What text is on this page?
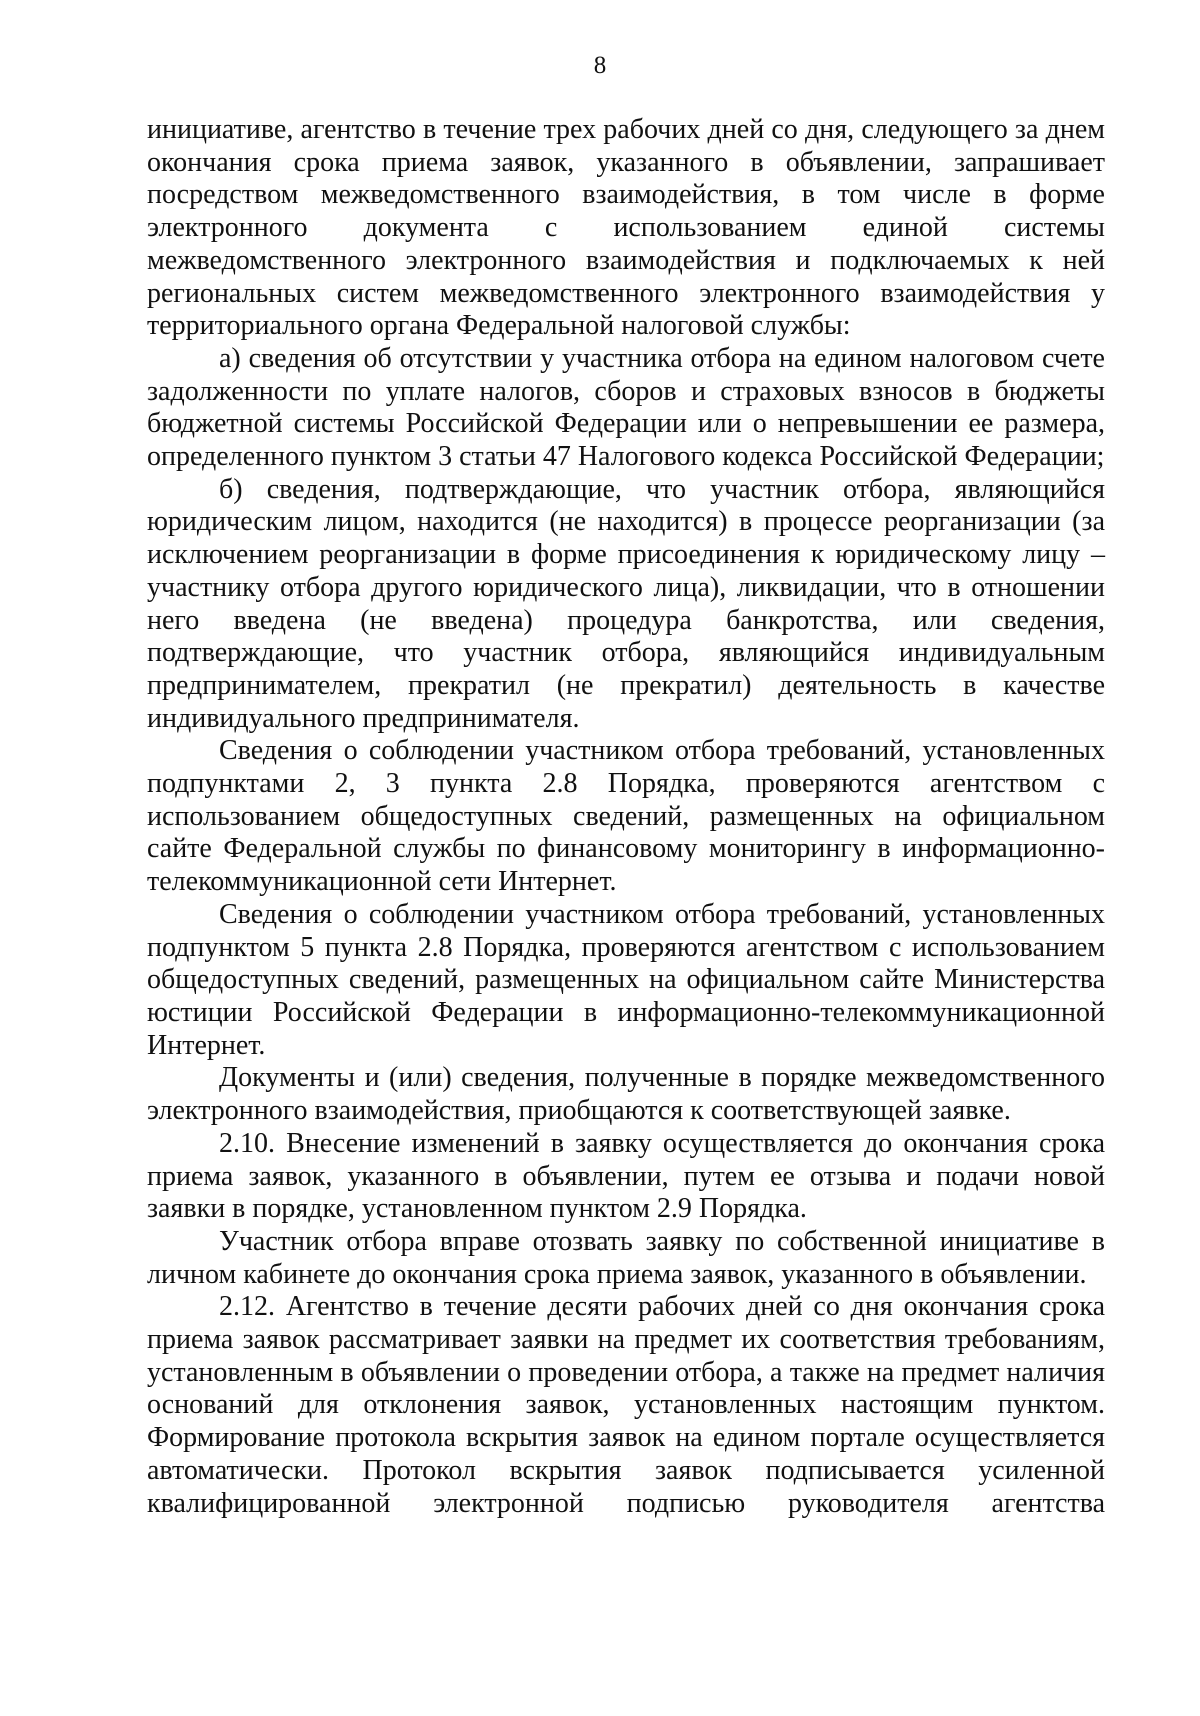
8

инициативе, агентство в течение трех рабочих дней со дня, следующего за днем окончания срока приема заявок, указанного в объявлении, запрашивает посредством межведомственного взаимодействия, в том числе в форме электронного документа с использованием единой системы межведомственного электронного взаимодействия и подключаемых к ней региональных систем межведомственного электронного взаимодействия у территориального органа Федеральной налоговой службы:

а) сведения об отсутствии у участника отбора на едином налоговом счете задолженности по уплате налогов, сборов и страховых взносов в бюджеты бюджетной системы Российской Федерации или о непревышении ее размера, определенного пунктом 3 статьи 47 Налогового кодекса Российской Федерации;

б) сведения, подтверждающие, что участник отбора, являющийся юридическим лицом, находится (не находится) в процессе реорганизации (за исключением реорганизации в форме присоединения к юридическому лицу – участнику отбора другого юридического лица), ликвидации, что в отношении него введена (не введена) процедура банкротства, или сведения, подтверждающие, что участник отбора, являющийся индивидуальным предпринимателем, прекратил (не прекратил) деятельность в качестве индивидуального предпринимателя.

Сведения о соблюдении участником отбора требований, установленных подпунктами 2, 3 пункта 2.8 Порядка, проверяются агентством с использованием общедоступных сведений, размещенных на официальном сайте Федеральной службы по финансовому мониторингу в информационно-телекоммуникационной сети Интернет.

Сведения о соблюдении участником отбора требований, установленных подпунктом 5 пункта 2.8 Порядка, проверяются агентством с использованием общедоступных сведений, размещенных на официальном сайте Министерства юстиции Российской Федерации в информационно-телекоммуникационной Интернет.

Документы и (или) сведения, полученные в порядке межведомственного электронного взаимодействия, приобщаются к соответствующей заявке.

2.10. Внесение изменений в заявку осуществляется до окончания срока приема заявок, указанного в объявлении, путем ее отзыва и подачи новой заявки в порядке, установленном пунктом 2.9 Порядка.

Участник отбора вправе отозвать заявку по собственной инициативе в личном кабинете до окончания срока приема заявок, указанного в объявлении.

2.12. Агентство в течение десяти рабочих дней со дня окончания срока приема заявок рассматривает заявки на предмет их соответствия требованиям, установленным в объявлении о проведении отбора, а также на предмет наличия оснований для отклонения заявок, установленных настоящим пунктом. Формирование протокола вскрытия заявок на едином портале осуществляется автоматически. Протокол вскрытия заявок подписывается усиленной квалифицированной электронной подписью руководителя агентства
